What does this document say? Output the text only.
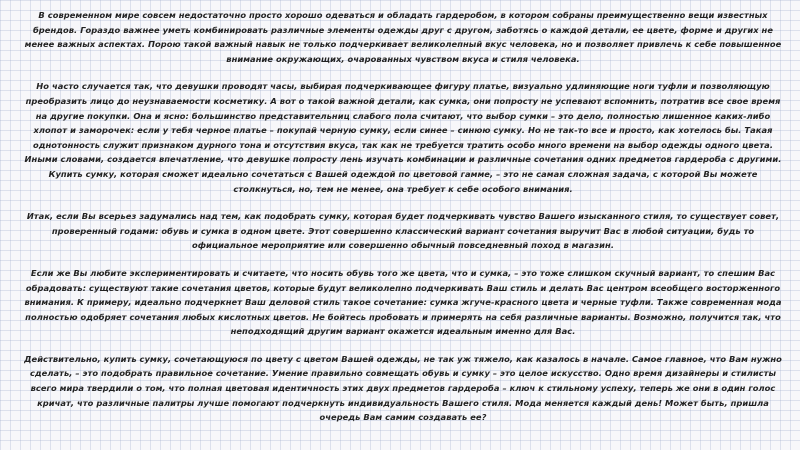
В современном мире совсем недостаточно просто хорошо одеваться и обладать гардеробом, в котором собраны преимущественно вещи известных брендов. Гораздо важнее уметь комбинировать различные элементы одежды друг с другом, заботясь о каждой детали, ее цвете, форме и других не менее важных аспектах. Порою такой важный навык не только подчеркивает великолепный вкус человека, но и позволяет привлечь к себе повышенное внимание окружающих, очарованных чувством вкуса и стиля человека.

Но часто случается так, что девушки проводят часы, выбирая подчеркивающее фигуру платье, визуально удлиняющие ноги туфли и позволяющую преобразить лицо до неузнаваемости косметику. А вот о такой важной детали, как сумка, они попросту не успевают вспомнить, потратив все свое время на другие покупки. Она и ясно: большинство представительниц слабого пола считают, что выбор сумки – это дело, полностью лишенное каких-либо хлопот и заморочек: если у тебя черное платье – покупай черную сумку, если синее – синюю сумку. Но не так-то все и просто, как хотелось бы. Такая однотонность служит признаком дурного тона и отсутствия вкуса, так как не требуется тратить особо много времени на выбор одежды одного цвета. Иными словами, создается впечатление, что девушке попросту лень изучать комбинации и различные сочетания одних предметов гардероба с другими. Купить сумку, которая сможет идеально сочетаться с Вашей одеждой по цветовой гамме, – это не самая сложная задача, с которой Вы можете столкнуться, но, тем не менее, она требует к себе особого внимания.

Итак, если Вы всерьез задумались над тем, как подобрать сумку, которая будет подчеркивать чувство Вашего изысканного стиля, то существует совет, проверенный годами: обувь и сумка в одном цвете. Этот совершенно классический вариант сочетания выручит Вас в любой ситуации, будь то официальное мероприятие или совершенно обычный повседневный поход в магазин.

Если же Вы любите экспериментировать и считаете, что носить обувь того же цвета, что и сумка, – это тоже слишком скучный вариант, то спешим Вас обрадовать: существуют такие сочетания цветов, которые будут великолепно подчеркивать Ваш стиль и делать Вас центром всеобщего восторженного внимания. К примеру, идеально подчеркнет Ваш деловой стиль такое сочетание: сумка жгуче-красного цвета и черные туфли. Также современная мода полностью одобряет сочетания любых кислотных цветов. Не бойтесь пробовать и примерять на себя различные варианты. Возможно, получится так, что неподходящий другим вариант окажется идеальным именно для Вас.

Действительно, купить сумку, сочетающуюся по цвету с цветом Вашей одежды, не так уж тяжело, как казалось в начале. Самое главное, что Вам нужно сделать, – это подобрать правильное сочетание. Умение правильно совмещать обувь и сумку – это целое искусство. Одно время дизайнеры и стилисты всего мира твердили о том, что полная цветовая идентичность этих двух предметов гардероба – ключ к стильному успеху, теперь же они в один голос кричат, что различные палитры лучше помогают подчеркнуть индивидуальность Вашего стиля. Мода меняется каждый день! Может быть, пришла очередь Вам самим создавать ее?
